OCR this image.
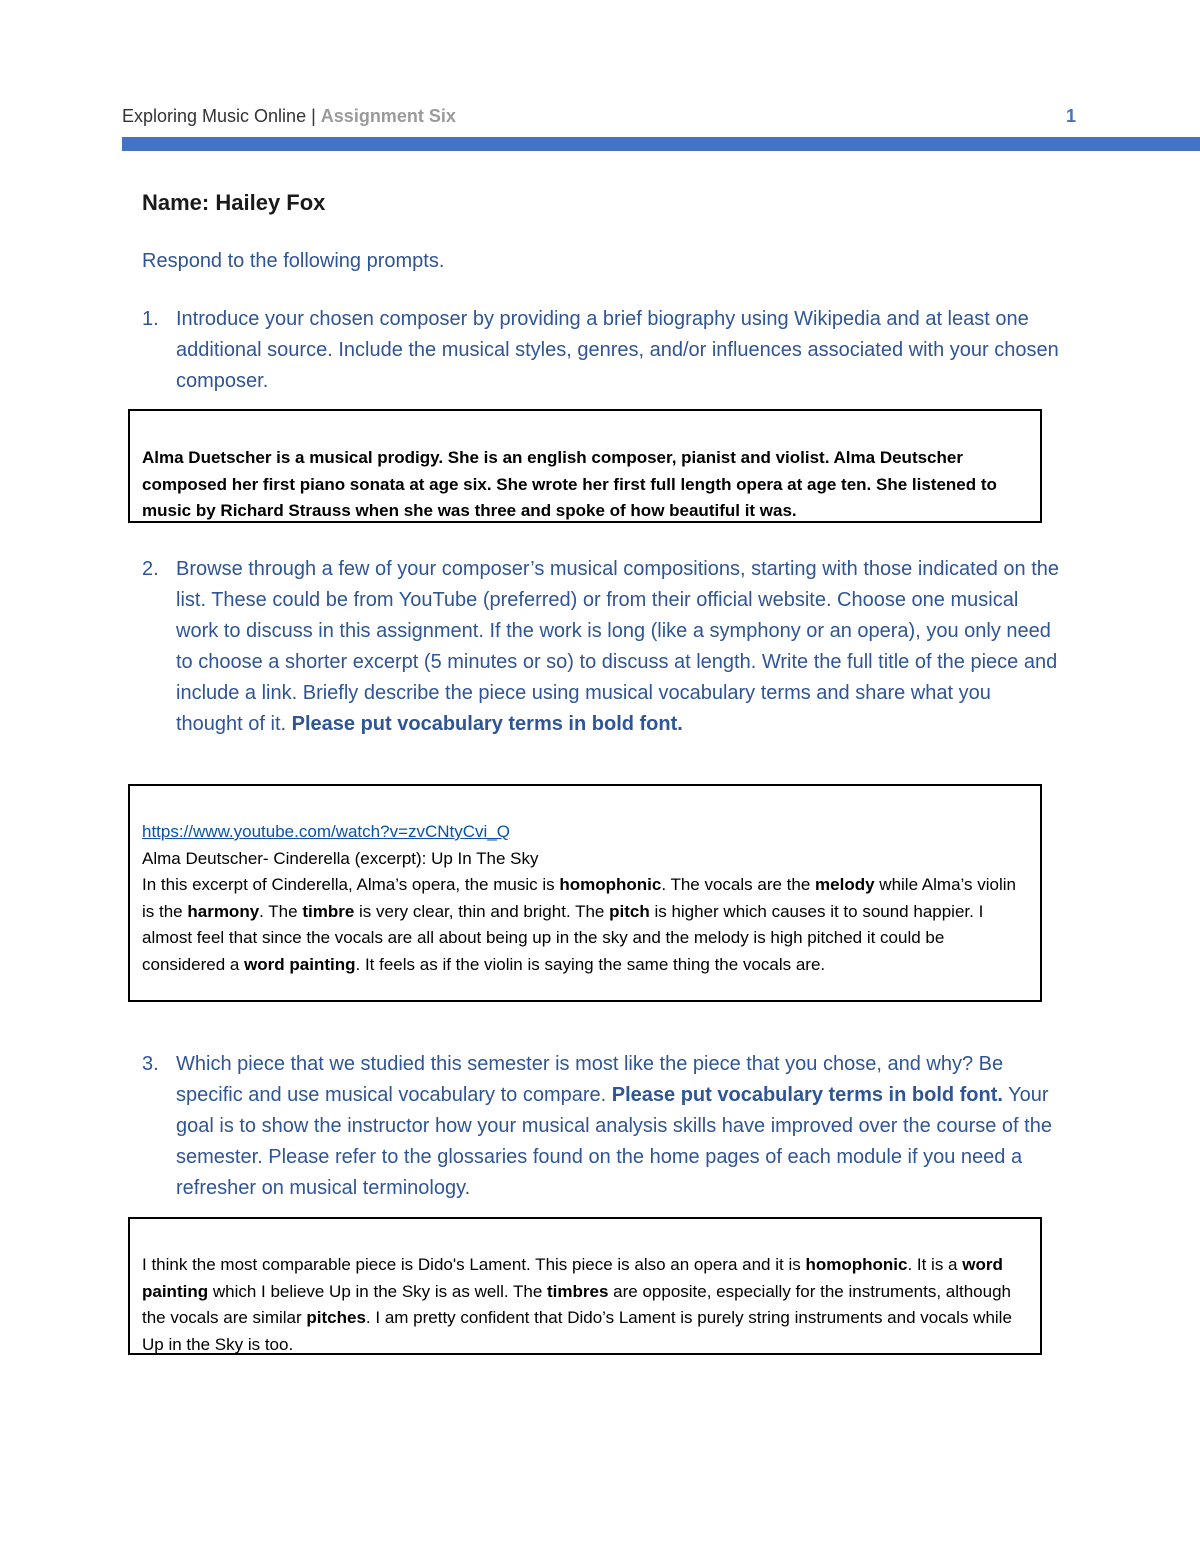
Exploring Music Online | Assignment Six	1
Name: Hailey Fox
Respond to the following prompts.
1. Introduce your chosen composer by providing a brief biography using Wikipedia and at least one additional source. Include the musical styles, genres, and/or influences associated with your chosen composer.
Alma Duetscher is a musical prodigy. She is an english composer, pianist and violist. Alma Deutscher composed her first piano sonata at age six. She wrote her first full length opera at age ten. She listened to music by Richard Strauss when she was three and spoke of how beautiful it was.
2. Browse through a few of your composer’s musical compositions, starting with those indicated on the list. These could be from YouTube (preferred) or from their official website. Choose one musical work to discuss in this assignment. If the work is long (like a symphony or an opera), you only need to choose a shorter excerpt (5 minutes or so) to discuss at length. Write the full title of the piece and include a link. Briefly describe the piece using musical vocabulary terms and share what you thought of it. Please put vocabulary terms in bold font.
https://www.youtube.com/watch?v=zvCNtyCvi_Q
Alma Deutscher- Cinderella (excerpt): Up In The Sky
In this excerpt of Cinderella, Alma’s opera, the music is homophonic. The vocals are the melody while Alma’s violin is the harmony. The timbre is very clear, thin and bright. The pitch is higher which causes it to sound happier. I almost feel that since the vocals are all about being up in the sky and the melody is high pitched it could be considered a word painting. It feels as if the violin is saying the same thing the vocals are.
3. Which piece that we studied this semester is most like the piece that you chose, and why? Be specific and use musical vocabulary to compare. Please put vocabulary terms in bold font. Your goal is to show the instructor how your musical analysis skills have improved over the course of the semester. Please refer to the glossaries found on the home pages of each module if you need a refresher on musical terminology.
I think the most comparable piece is Dido's Lament. This piece is also an opera and it is homophonic. It is a word painting which I believe Up in the Sky is as well. The timbres are opposite, especially for the instruments, although the vocals are similar pitches. I am pretty confident that Dido’s Lament is purely string instruments and vocals while Up in the Sky is too.
